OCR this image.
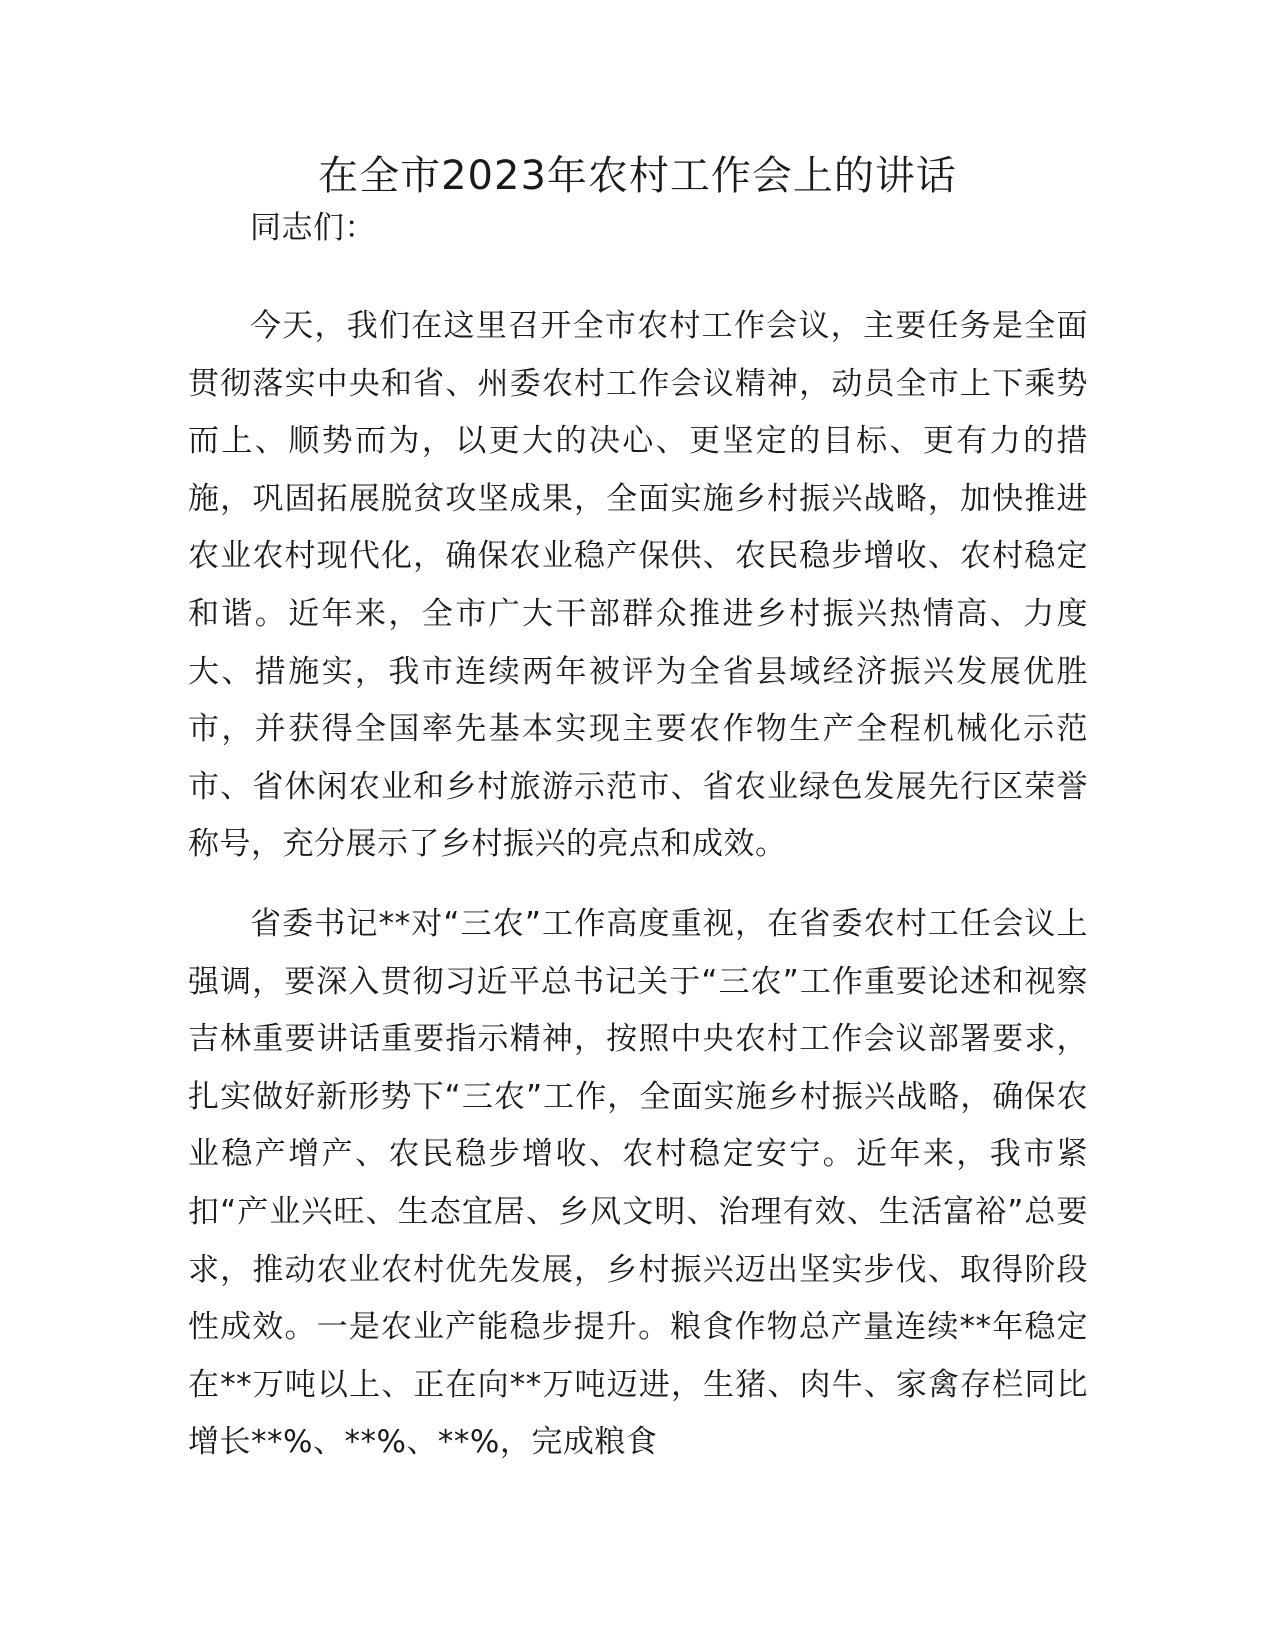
在全市2023年农村工作会上的讲话

同志们：

今天，我们在这里召开全市农村工作会议，主要任务是全面贯彻落实中央和省、州委农村工作会议精神，动员全市上下乘势而上、顺势而为，以更大的决心、更坚定的目标、更有力的措施，巩固拓展脱贫攻坚成果，全面实施乡村振兴战略，加快推进农业农村现代化，确保农业稳产保供、农民稳步增收、农村稳定和谐。近年来，全市广大干部群众推进乡村振兴热情高、力度大、措施实，我市连续两年被评为全省县域经济振兴发展优胜市，并获得全国率先基本实现主要农作物生产全程机械化示范市、省休闲农业和乡村旅游示范市、省农业绿色发展先行区荣誉称号，充分展示了乡村振兴的亮点和成效。

省委书记**对“三农”工作高度重视，在省委农村工任会议上强调，要深入贯彻习近平总书记关于“三农”工作重要论述和视察吉林重要讲话重要指示精神，按照中央农村工作会议部署要求，扎实做好新形势下“三农”工作，全面实施乡村振兴战略，确保农业稳产增产、农民稳步增收、农村稳定安宁。近年来，我市紧扣“产业兴旺、生态宜居、乡风文明、治理有效、生活富裕”总要求，推动农业农村优先发展，乡村振兴迈出坚实步伐、取得阶段性成效。一是农业产能稳步提升。粮食作物总产量连续**年稳定在**万吨以上、正在向**万吨迈进，生猪、肉牛、家禽存栏同比增长**%、**%、**%，完成粮食
